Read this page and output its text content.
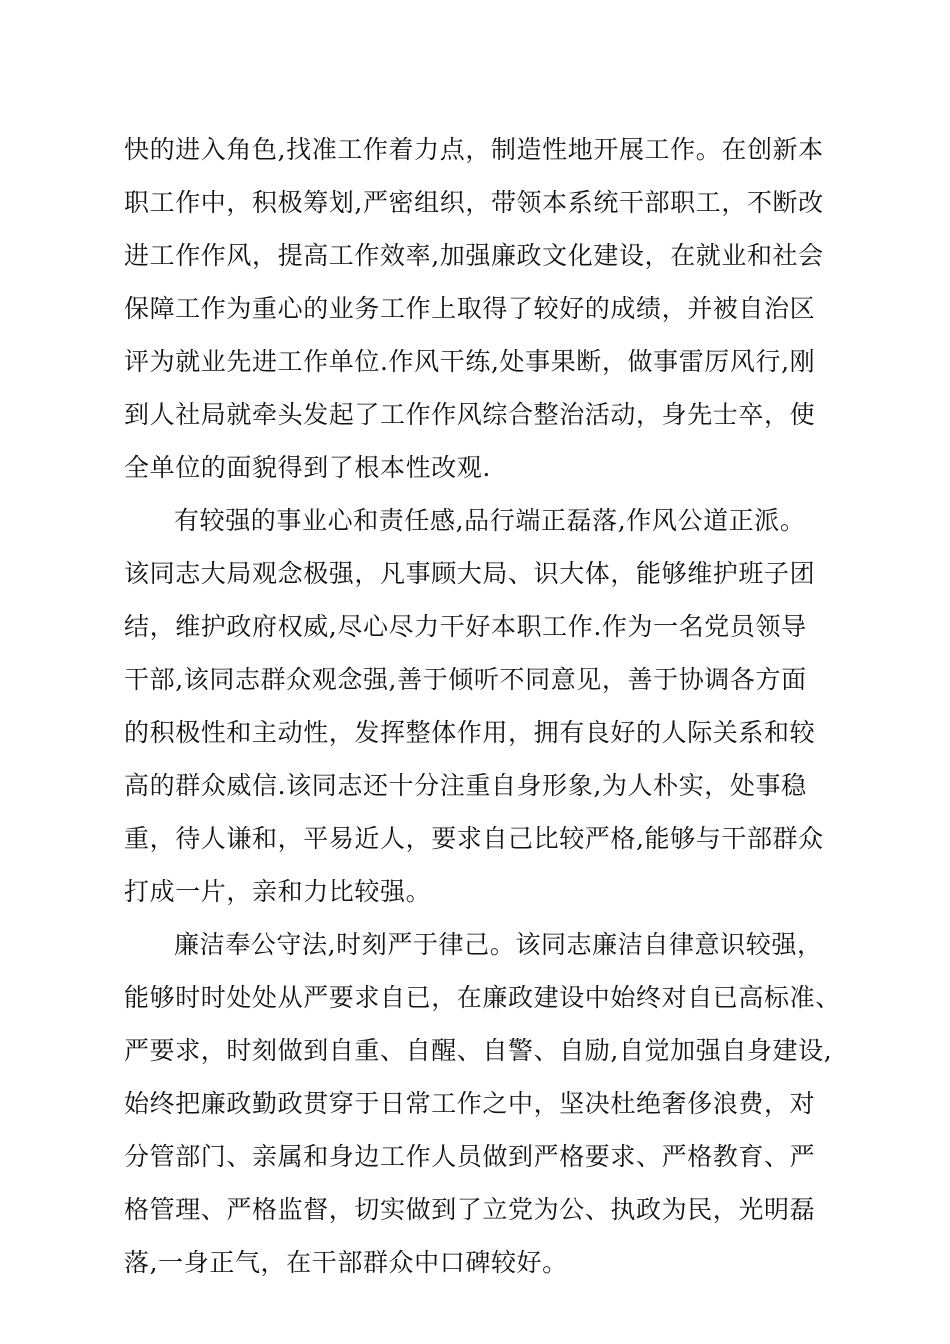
快的进入角色,找准工作着力点，制造性地开展工作。在创新本
职工作中，积极筹划,严密组织，带领本系统干部职工，不断改
进工作作风，提高工作效率,加强廉政文化建设，在就业和社会
保障工作为重心的业务工作上取得了较好的成绩，并被自治区
评为就业先进工作单位.作风干练,处事果断，做事雷厉风行,刚
到人社局就牵头发起了工作作风综合整治活动，身先士卒，使
全单位的面貌得到了根本性改观.
有较强的事业心和责任感,品行端正磊落,作风公道正派。
该同志大局观念极强，凡事顾大局、识大体，能够维护班子团
结，维护政府权威,尽心尽力干好本职工作.作为一名党员领导
干部,该同志群众观念强,善于倾听不同意见，善于协调各方面
的积极性和主动性，发挥整体作用，拥有良好的人际关系和较
高的群众威信.该同志还十分注重自身形象,为人朴实，处事稳
重，待人谦和，平易近人，要求自己比较严格,能够与干部群众
打成一片，亲和力比较强。
廉洁奉公守法,时刻严于律己。该同志廉洁自律意识较强，
能够时时处处从严要求自已，在廉政建设中始终对自已高标准、
严要求，时刻做到自重、自醒、自警、自励,自觉加强自身建设,
始终把廉政勤政贯穿于日常工作之中，坚决杜绝奢侈浪费，对
分管部门、亲属和身边工作人员做到严格要求、严格教育、严
格管理、严格监督，切实做到了立党为公、执政为民，光明磊
落,一身正气，在干部群众中口碑较好。
